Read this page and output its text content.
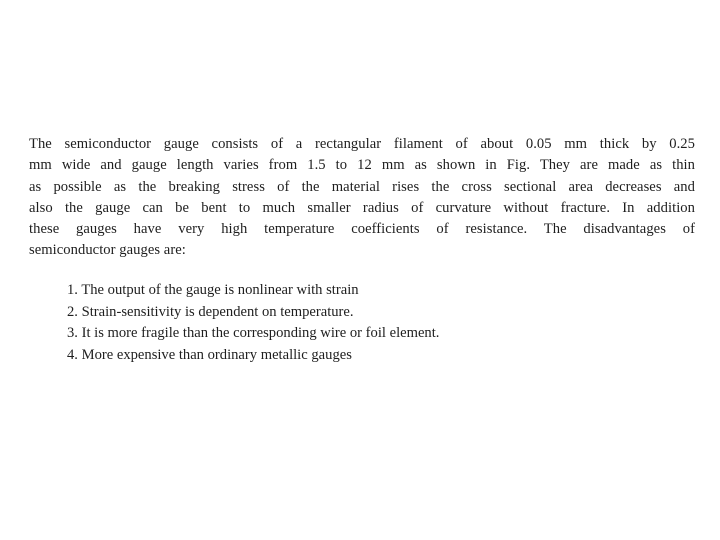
The semiconductor gauge consists of a rectangular filament of about 0.05 mm thick by 0.25
mm wide and gauge length varies from 1.5 to 12 mm as shown in Fig. They are made as thin
as possible as the breaking stress of the material rises the cross sectional area decreases and
also the gauge can be bent to much smaller radius of curvature without fracture. In addition
these gauges have very high temperature coefficients of resistance. The disadvantages of
semiconductor gauges are:

1. The output of the gauge is nonlinear with strain
2. Strain-sensitivity is dependent on temperature.
3. It is more fragile than the corresponding wire or foil element.
4. More expensive than ordinary metallic gauges
